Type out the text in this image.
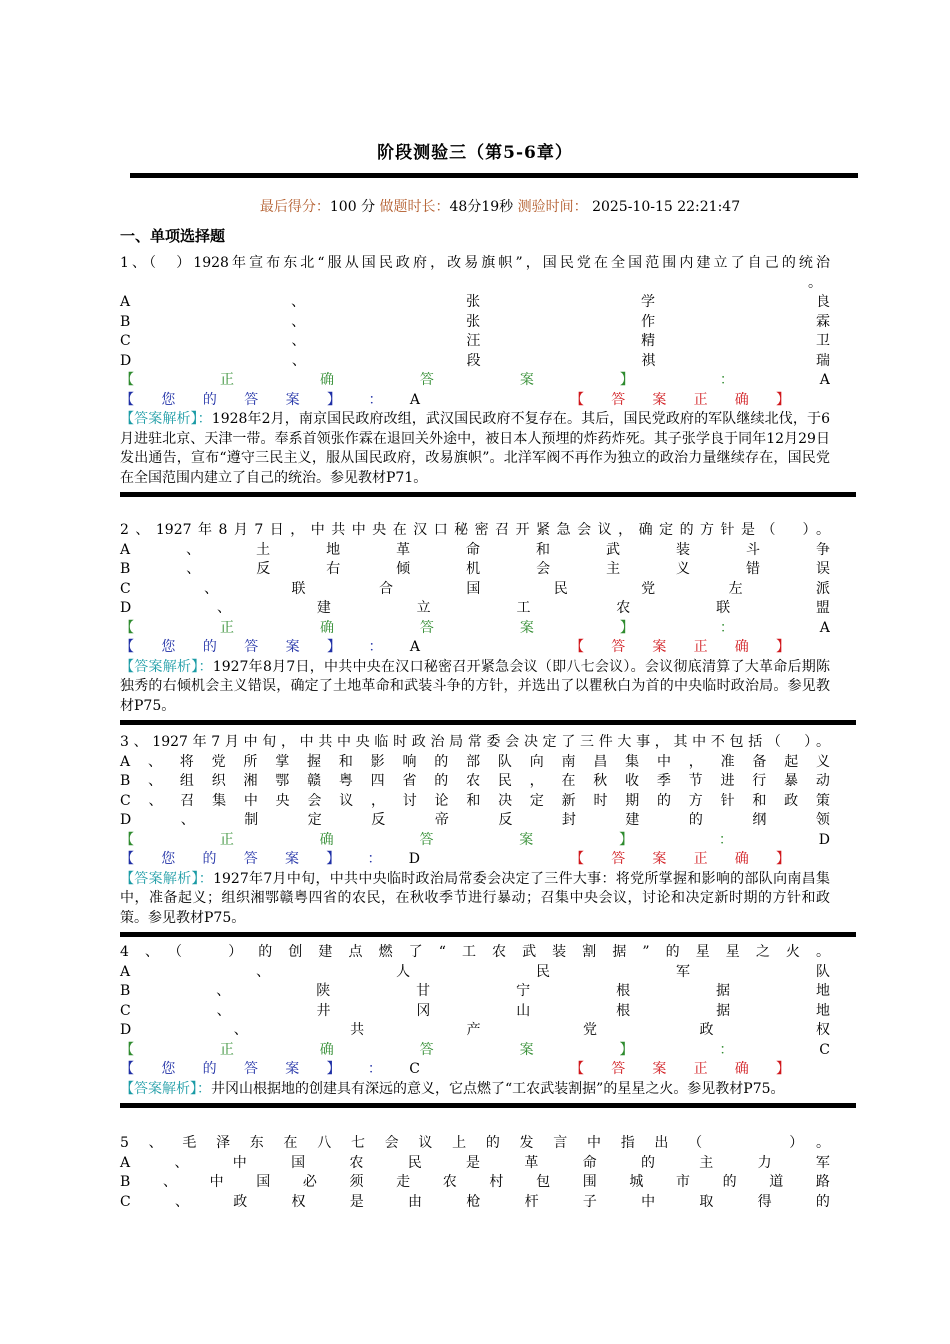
阶段测验三（第5-6章）
最后得分：100 分 做题时长：48分19秒 测验时间： 2025-10-15 22:21:47
一、单项选择题
1、（　）1928年宣布东北“服从国民政府，改易旗帜”，国民党在全国范围内建立了自己的统治
。
A	、	张	学	良
B	、	张	作	霖
C	、	汪	精	卫
D	、	段	祺	瑞
【	正	确	答	案	】	：	A
【 您 的 答 案 】 ： A	【 答 案 正 确 】
【答案解析】：1928年2月，南京国民政府改组，武汉国民政府不复存在。其后，国民党政府的军队继续北伐，于6 月进驻北京、天津一带。奉系首领张作霖在退回关外途中，被日本人预埋的炸药炸死。其子张学良于同年12月29日发出通告，宣布“遵守三民主义，服从国民政府，改易旗帜”。北洋军阀不再作为独立的政治力量继续存在，国民党在全国范围内建立了自己的统治。参见教材P71。
2、1927年8月7日，中共中央在汉口秘密召开紧急会议，确定的方针是（　）。
A	、	土	地	革	命	和	武	装	斗	争
B	、	反	右	倾	机	会	主	义	错	误
C	、	联	合	国	民	党	左	派
D	、	建	立	工	农	联	盟
【	正	确	答	案	】	：	A
【 您 的 答 案 】 ： A	【 答 案 正 确 】
【答案解析】：1927年8月7日，中共中央在汉口秘密召开紧急会议（即八七会议）。会议彻底清算了大革命后期陈独秀的右倾机会主义错误，确定了土地革命和武装斗争的方针，并选出了以瞿秋白为首的中央临时政治局。参见教材P75。
3、1927年7月中旬，中共中央临时政治局常委会决定了三件大事，其中不包括（　）。
A 、 将 党 所 掌 握 和 影 响 的 部 队 向 南 昌 集 中 ， 准 备 起 义
B 、 组 织 湘 鄂 赣 粤 四 省 的 农 民 ， 在 秋 收 季 节 进 行 暴 动
C 、 召 集 中 央 会 议 ， 讨 论 和 决 定 新 时 期 的 方 针 和 政 策
D	、	制	定	反	帝	反	封	建	的	纲	领
【	正	确	答	案	】	：	D
【 您 的 答 案 】 ： D	【 答 案 正 确 】
【答案解析】：1927年7月中旬，中共中央临时政治局常委会决定了三件大事：将党所掌握和影响的部队向南昌集中，准备起义；组织湘鄂赣粤四省的农民，在秋收季节进行暴动；召集中央会议，讨论和决定新时期的方针和政策。参见教材P75。
4、（　）的创建点燃了“工农武装割据”的星星之火。
A	、	人	民	军	队
B	、	陕	甘	宁	根	据	地
C	、	井	冈	山	根	据	地
D	、	共	产	党	政	权
【	正	确	答	案	】	：	C
【 您 的 答 案 】 ： C	【 答 案 正 确 】
【答案解析】：井冈山根据地的创建具有深远的意义，它点燃了“工农武装割据”的星星之火。参见教材P75。
5、毛泽东在八七会议上的发言中指出（　　）。
A	、	中	国	农	民	是	革	命	的	主	力	军
B 、 中 国 必 须 走 农 村 包 围 城 市 的 道 路
C	、	政	权	是	由	枪	杆	子	中	取	得	的
